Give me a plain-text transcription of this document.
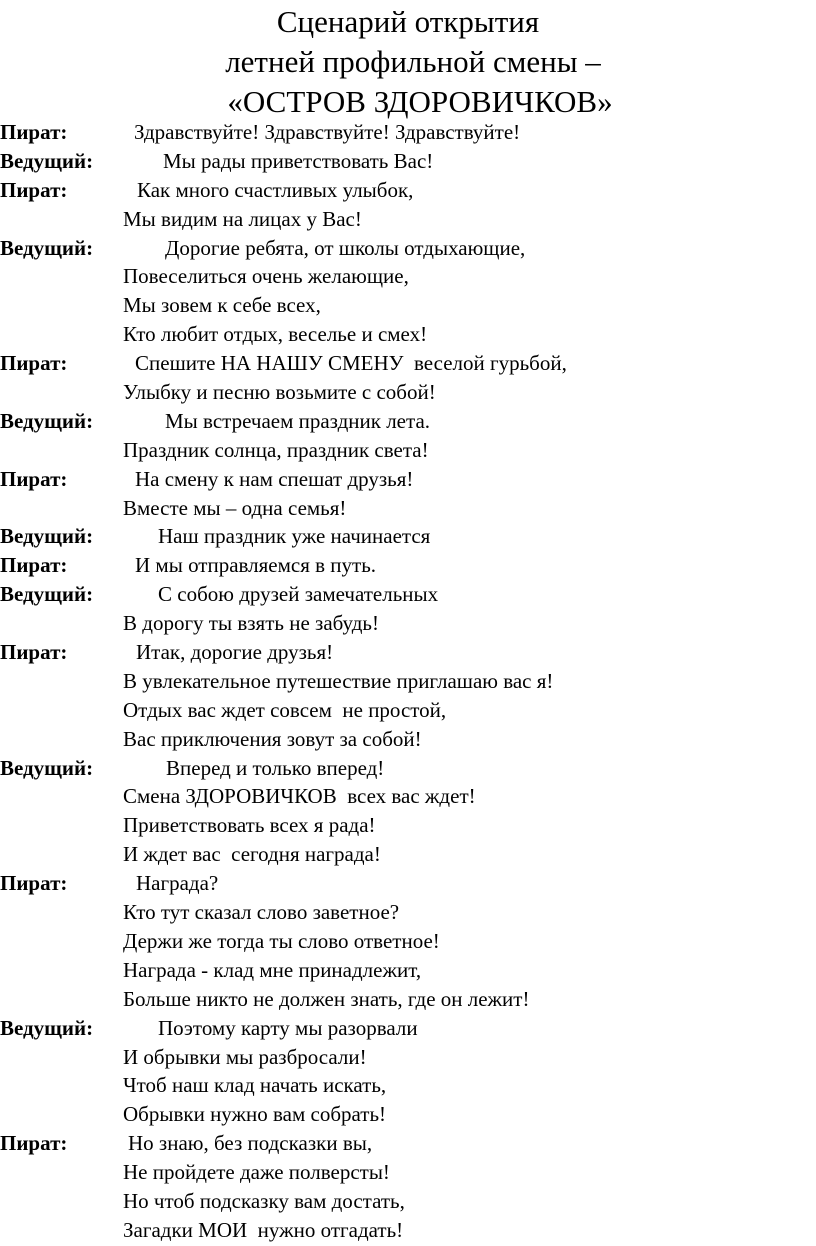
Сценарий открытия
летней профильной смены –
«ОСТРОВ ЗДОРОВИЧКОВ»
Пират:	Здравствуйте! Здравствуйте! Здравствуйте!
Ведущий:	Мы рады приветствовать Вас!
Пират:	Как много счастливых улыбок,
Мы видим на лицах у Вас!
Ведущий:	Дорогие ребята, от школы отдыхающие,
Повеселиться очень желающие,
Мы зовем к себе всех,
Кто любит отдых, веселье и смех!
Пират:	Спешите НА НАШУ СМЕНУ  веселой гурьбой,
Улыбку и песню возьмите с собой!
Ведущий:	Мы встречаем праздник лета.
Праздник солнца, праздник света!
Пират:	На смену к нам спешат друзья!
Вместе мы – одна семья!
Ведущий:	Наш праздник уже начинается
Пират:	И мы отправляемся в путь.
Ведущий:	С собою друзей замечательных
В дорогу ты взять не забудь!
Пират:	Итак, дорогие друзья!
В увлекательное путешествие приглашаю вас я!
Отдых вас ждет совсем  не простой,
Вас приключения зовут за собой!
Ведущий:	Вперед и только вперед!
Смена ЗДОРОВИЧКОВ  всех вас ждет!
Приветствовать всех я рада!
И ждет вас  сегодня награда!
Пират:	Награда?
Кто тут сказал слово заветное?
Держи же тогда ты слово ответное!
Награда - клад мне принадлежит,
Больше никто не должен знать, где он лежит!
Ведущий:	Поэтому карту мы разорвали
И обрывки мы разбросали!
Чтоб наш клад начать искать,
Обрывки нужно вам собрать!
Пират:	Но знаю, без подсказки вы,
Не пройдете даже полверсты!
Но чтоб подсказку вам достать,
Загадки МОИ  нужно отгадать!
